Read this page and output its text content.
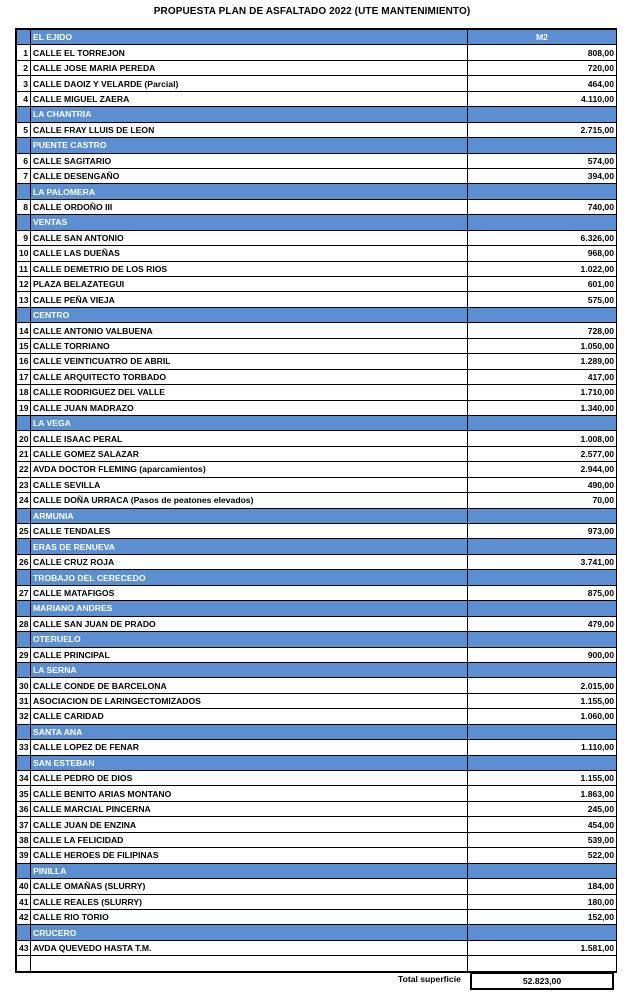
PROPUESTA PLAN DE ASFALTADO 2022 (UTE MANTENIMIENTO)
	EL EJIDO	M2
1	CALLE EL TORREJON	808,00
2	CALLE JOSE MARIA PEREDA	720,00
3	CALLE DAOIZ Y VELARDE (Parcial)	464,00
4	CALLE MIGUEL ZAERA	4.110,00
	LA CHANTRIA	
5	CALLE FRAY LLUIS DE LEON	2.715,00
	PUENTE CASTRO	
6	CALLE SAGITARIO	574,00
7	CALLE DESENGAÑO	394,00
	LA PALOMERA	
8	CALLE ORDOÑO III	740,00
	VENTAS	
9	CALLE SAN ANTONIO	6.326,00
10	CALLE LAS DUEÑAS	968,00
11	CALLE DEMETRIO DE LOS RIOS	1.022,00
12	PLAZA BELAZATEGUI	601,00
13	CALLE PEÑA VIEJA	575,00
	CENTRO	
14	CALLE ANTONIO VALBUENA	728,00
15	CALLE TORRIANO	1.050,00
16	CALLE VEINTICUATRO DE ABRIL	1.289,00
17	CALLE ARQUITECTO TORBADO	417,00
18	CALLE RODRIGUEZ DEL VALLE	1.710,00
19	CALLE JUAN MADRAZO	1.340,00
	LA VEGA	
20	CALLE ISAAC PERAL	1.008,00
21	CALLE GOMEZ SALAZAR	2.577,00
22	AVDA DOCTOR FLEMING (aparcamientos)	2.944,00
23	CALLE SEVILLA	490,00
24	CALLE DOÑA URRACA (Pasos de peatones elevados)	70,00
	ARMUNIA	
25	CALLE TENDALES	973,00
	ERAS DE RENUEVA	
26	CALLE CRUZ ROJA	3.741,00
	TROBAJO DEL CERECEDO	
27	CALLE MATAFIGOS	875,00
	MARIANO ANDRES	
28	CALLE SAN JUAN DE PRADO	479,00
	OTERUELO	
29	CALLE PRINCIPAL	900,00
	LA SERNA	
30	CALLE CONDE DE BARCELONA	2.015,00
31	ASOCIACION DE LARINGECTOMIZADOS	1.155,00
32	CALLE CARIDAD	1.060,00
	SANTA ANA	
33	CALLE LOPEZ DE FENAR	1.110,00
	SAN ESTEBAN	
34	CALLE PEDRO DE DIOS	1.155,00
35	CALLE BENITO ARIAS MONTANO	1.863,00
36	CALLE MARCIAL PINCERNA	245,00
37	CALLE JUAN DE ENZINA	454,00
38	CALLE LA FELICIDAD	539,00
39	CALLE HEROES DE FILIPINAS	522,00
	PINILLA	
40	CALLE OMAÑAS (SLURRY)	184,00
41	CALLE REALES (SLURRY)	180,00
42	CALLE RIO TORIO	152,00
	CRUCERO	
43	AVDA QUEVEDO HASTA T.M.	1.581,00

Total superficie	52.823,00
